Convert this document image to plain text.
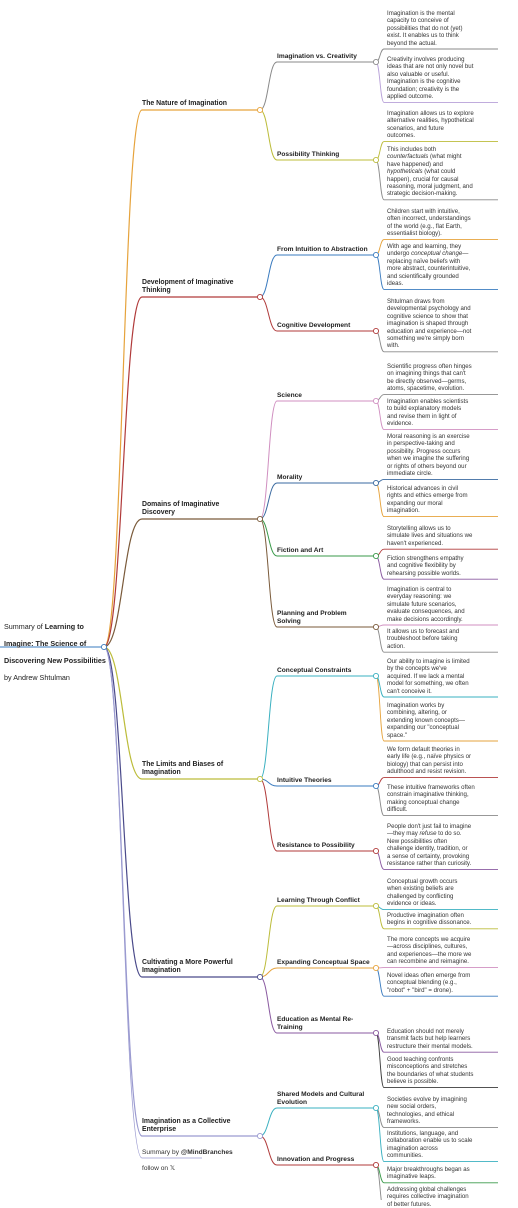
Summary of Learning to

Imagine: The Science of

Discovering New Possibilities

by Andrew Shtulman

Summary by @MindBranches

follow on 𝕏

The Nature of Imagination
Imagination vs. Creativity
Imagination is the mental
capacity to conceive of
possibilities that do not (yet)
exist. It enables us to think
beyond the actual.
Creativity involves producing
ideas that are not only novel but
also valuable or useful.
Imagination is the cognitive
foundation; creativity is the
applied outcome.
Possibility Thinking
Imagination allows us to explore
alternative realities, hypothetical
scenarios, and future
outcomes.
This includes both
counterfactuals (what might
have happened) and
hypotheticals (what could
happen), crucial for causal
reasoning, moral judgment, and
strategic decision-making.
Development of Imaginative
Thinking
From Intuition to Abstraction
Children start with intuitive,
often incorrect, understandings
of the world (e.g., flat Earth,
essentialist biology).
With age and learning, they
undergo conceptual change—
replacing naïve beliefs with
more abstract, counterintuitive,
and scientifically grounded
ideas.
Cognitive Development
Shtulman draws from
developmental psychology and
cognitive science to show that
imagination is shaped through
education and experience—not
something we're simply born
with.
Domains of Imaginative
Discovery
Science
Scientific progress often hinges
on imagining things that can't
be directly observed—germs,
atoms, spacetime, evolution.
Imagination enables scientists
to build explanatory models
and revise them in light of
evidence.
Morality
Moral reasoning is an exercise
in perspective-taking and
possibility. Progress occurs
when we imagine the suffering
or rights of others beyond our
immediate circle.
Historical advances in civil
rights and ethics emerge from
expanding our moral
imagination.
Fiction and Art
Storytelling allows us to
simulate lives and situations we
haven't experienced.
Fiction strengthens empathy
and cognitive flexibility by
rehearsing possible worlds.
Planning and Problem
Solving
Imagination is central to
everyday reasoning: we
simulate future scenarios,
evaluate consequences, and
make decisions accordingly.
It allows us to forecast and
troubleshoot before taking
action.
The Limits and Biases of
Imagination
Conceptual Constraints
Our ability to imagine is limited
by the concepts we've
acquired. If we lack a mental
model for something, we often
can't conceive it.
Imagination works by
combining, altering, or
extending known concepts—
expanding our "conceptual
space."
Intuitive Theories
We form default theories in
early life (e.g., naïve physics or
biology) that can persist into
adulthood and resist revision.
These intuitive frameworks often
constrain imaginative thinking,
making conceptual change
difficult.
Resistance to Possibility
People don't just fail to imagine
—they may refuse to do so.
New possibilities often
challenge identity, tradition, or
a sense of certainty, provoking
resistance rather than curiosity.
Cultivating a More Powerful
Imagination
Learning Through Conflict
Conceptual growth occurs
when existing beliefs are
challenged by conflicting
evidence or ideas.
Productive imagination often
begins in cognitive dissonance.
Expanding Conceptual Space
The more concepts we acquire
—across disciplines, cultures,
and experiences—the more we
can recombine and reimagine.
Novel ideas often emerge from
conceptual blending (e.g.,
"robot" + "bird" = drone).
Education as Mental Re-
Training
Education should not merely
transmit facts but help learners
restructure their mental models.
Good teaching confronts
misconceptions and stretches
the boundaries of what students
believe is possible.
Imagination as a Collective
Enterprise
Shared Models and Cultural
Evolution	Societies evolve by imagining
new social orders,
technologies, and ethical
frameworks.
Institutions, language, and
collaboration enable us to scale
imagination across
communities.
Innovation and Progress
Major breakthroughs began as
imaginative leaps.
Addressing global challenges
requires collective imagination
of better futures.
